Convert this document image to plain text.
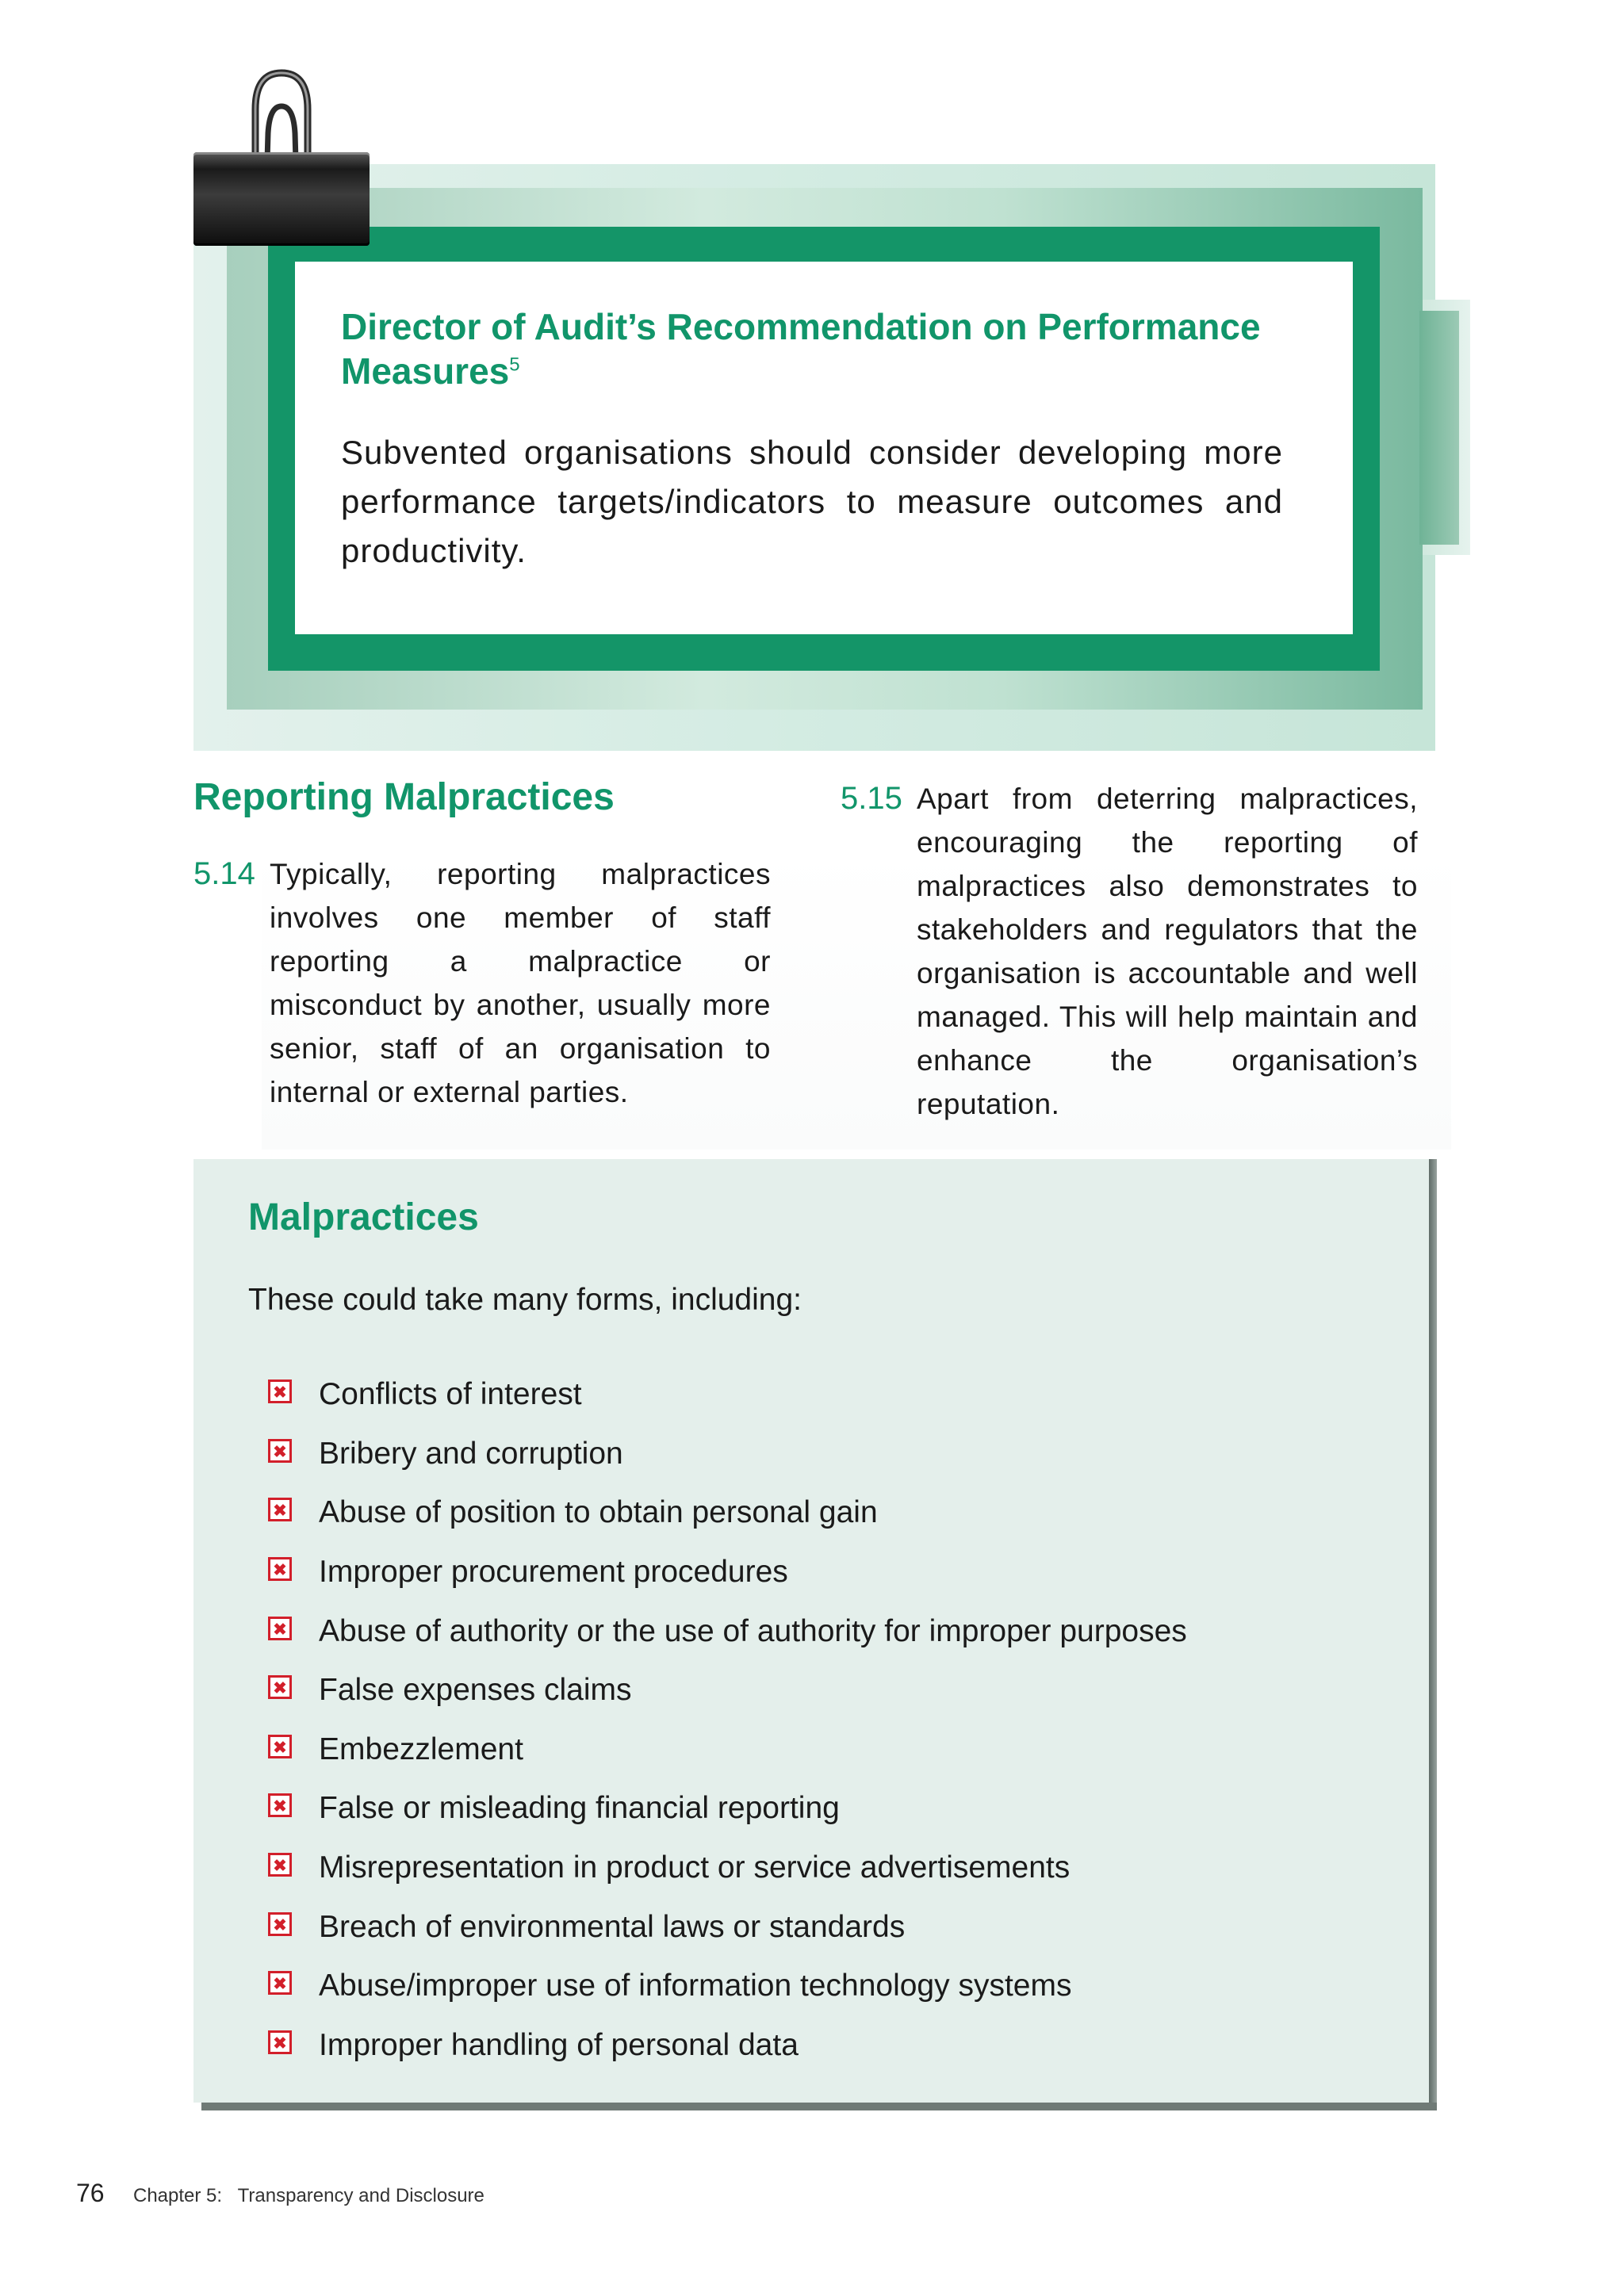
Director of Audit’s Recommendation on Performance Measures$^5$
Subvented organisations should consider developing more performance targets/indicators to measure outcomes and productivity.
Reporting Malpractices
5.14 Typically, reporting malpractices involves one member of staff reporting a malpractice or misconduct by another, usually more senior, staff of an organisation to internal or external parties.
5.15 Apart from deterring malpractices, encouraging the reporting of malpractices also demonstrates to stakeholders and regulators that the organisation is accountable and well managed. This will help maintain and enhance the organisation’s reputation.
Malpractices
These could take many forms, including:
Conflicts of interest
Bribery and corruption
Abuse of position to obtain personal gain
Improper procurement procedures
Abuse of authority or the use of authority for improper purposes
False expenses claims
Embezzlement
False or misleading financial reporting
Misrepresentation in product or service advertisements
Breach of environmental laws or standards
Abuse/improper use of information technology systems
Improper handling of personal data
76 Chapter 5:   Transparency and Disclosure
